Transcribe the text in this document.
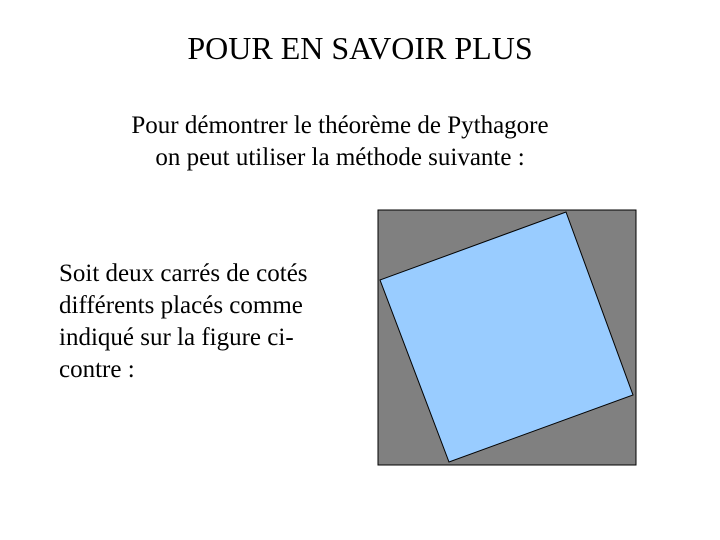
POUR EN SAVOIR PLUS
Pour démontrer le théorème de Pythagore
on peut utiliser la méthode suivante :
Soit deux carrés de cotés
différents placés comme
indiqué sur la figure ci-
contre :
